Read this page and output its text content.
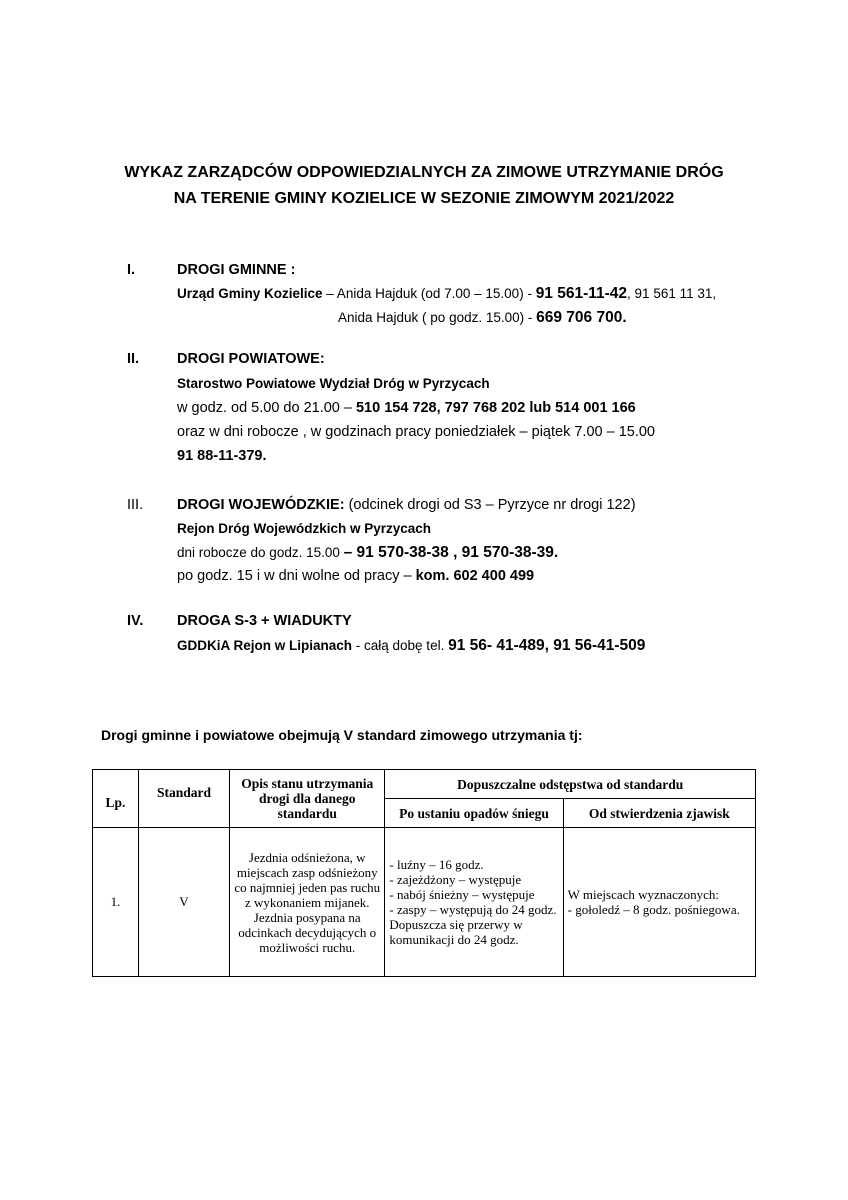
WYKAZ ZARZĄDCÓW ODPOWIEDZIALNYCH ZA ZIMOWE UTRZYMANIE DRÓG
NA TERENIE GMINY KOZIELICE W SEZONIE ZIMOWYM 2021/2022
I.	DROGI GMINNE :
Urząd Gminy Kozielice – Anida Hajduk (od 7.00 – 15.00) - 91 561-11-42, 91 561 11 31,
Anida Hajduk ( po godz. 15.00) - 669 706 700.
II.	DROGI POWIATOWE:
Starostwo Powiatowe Wydział Dróg w Pyrzycach
w godz. od 5.00 do 21.00 – 510 154 728, 797 768 202 lub 514 001 166
oraz w dni robocze , w godzinach pracy poniedziałek – piątek 7.00 – 15.00
91 88-11-379.
III. DROGI WOJEWÓDZKIE: (odcinek drogi od S3 – Pyrzyce nr drogi 122)
Rejon Dróg Wojewódzkich w Pyrzycach
dni robocze do godz. 15.00 – 91 570-38-38 , 91 570-38-39.
po godz. 15 i w dni wolne od pracy – kom. 602 400 499
IV. DROGA S-3 + WIADUKTY
GDDKiA Rejon w Lipianach - całą dobę tel. 91 56- 41-489, 91 56-41-509
Drogi gminne i powiatowe obejmują V standard zimowego utrzymania tj:
Lp.	Standard	Opis stanu utrzymania drogi dla danego standardu	Dopuszczalne odstępstwa od standardu	
			Po ustaniu opadów śniegu	Od stwierdzenia zjawisk
1.	V	Jezdnia odśnieżona, w miejscach zasp odśnieżony co najmniej jeden pas ruchu z wykonaniem mijanek. Jezdnia posypana na odcinkach decydujących o możliwości ruchu.	- luźny – 16 godz.
- zajeżdżony – występuje
- nabój śnieżny – występuje
- zaspy – występują do 24 godz.
Dopuszcza się przerwy w komunikacji do 24 godz.	W miejscach wyznaczonych:
- gołoledź – 8 godz. pośniegowa.
